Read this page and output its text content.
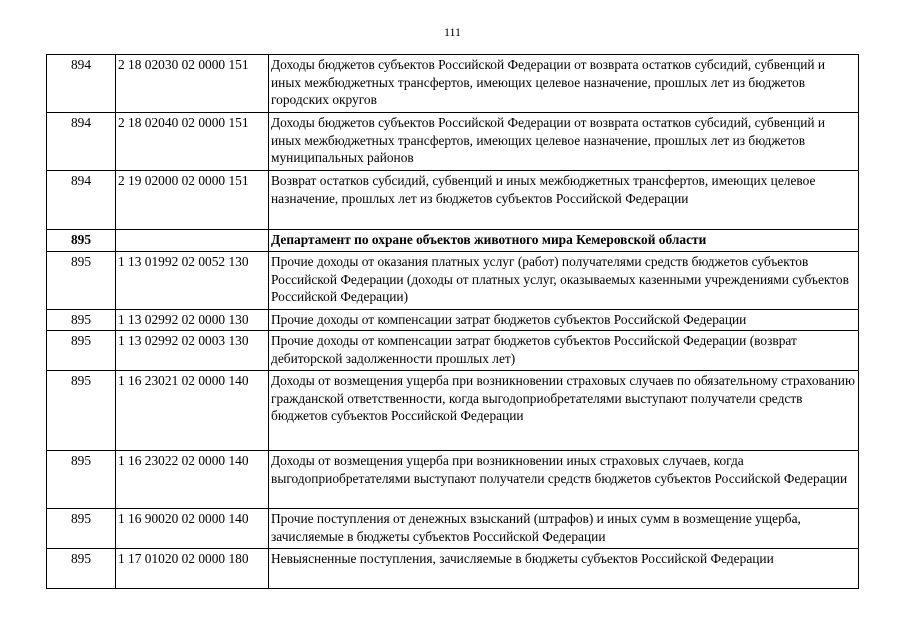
111
894	2 18 02030 02 0000 151	Доходы бюджетов субъектов Российской Федерации от возврата остатков субсидий, субвенций и иных межбюджетных трансфертов, имеющих целевое назначение, прошлых лет из бюджетов городских округов
894	2 18 02040 02 0000 151	Доходы бюджетов субъектов Российской Федерации от возврата остатков субсидий, субвенций и иных межбюджетных трансфертов, имеющих целевое назначение, прошлых лет из бюджетов муниципальных районов
894	2 19 02000 02 0000 151	Возврат остатков субсидий, субвенций и иных межбюджетных трансфертов, имеющих целевое назначение, прошлых лет из бюджетов субъектов Российской Федерации
895		Департамент по охране объектов животного мира Кемеровской области
895	1 13 01992 02 0052 130	Прочие доходы от оказания платных услуг (работ) получателями средств бюджетов субъектов Российской Федерации (доходы от платных услуг, оказываемых казенными учреждениями субъектов Российской Федерации)
895	1 13 02992 02 0000 130	Прочие доходы от компенсации затрат бюджетов субъектов Российской Федерации
895	1 13 02992 02 0003 130	Прочие доходы от компенсации затрат бюджетов субъектов Российской Федерации (возврат дебиторской задолженности прошлых лет)
895	1 16 23021 02 0000 140	Доходы от возмещения ущерба при возникновении страховых случаев по обязательному страхованию гражданской ответственности, когда выгодоприобретателями выступают получатели средств бюджетов субъектов Российской Федерации
895	1 16 23022 02 0000 140	Доходы от возмещения ущерба при возникновении иных страховых случаев, когда выгодоприобретателями выступают получатели средств бюджетов субъектов Российской Федерации
895	1 16 90020 02 0000 140	Прочие поступления от денежных взысканий (штрафов) и иных сумм в возмещение ущерба, зачисляемые в бюджеты субъектов Российской Федерации
895	1 17 01020 02 0000 180	Невыясненные поступления, зачисляемые в бюджеты субъектов Российской Федерации
